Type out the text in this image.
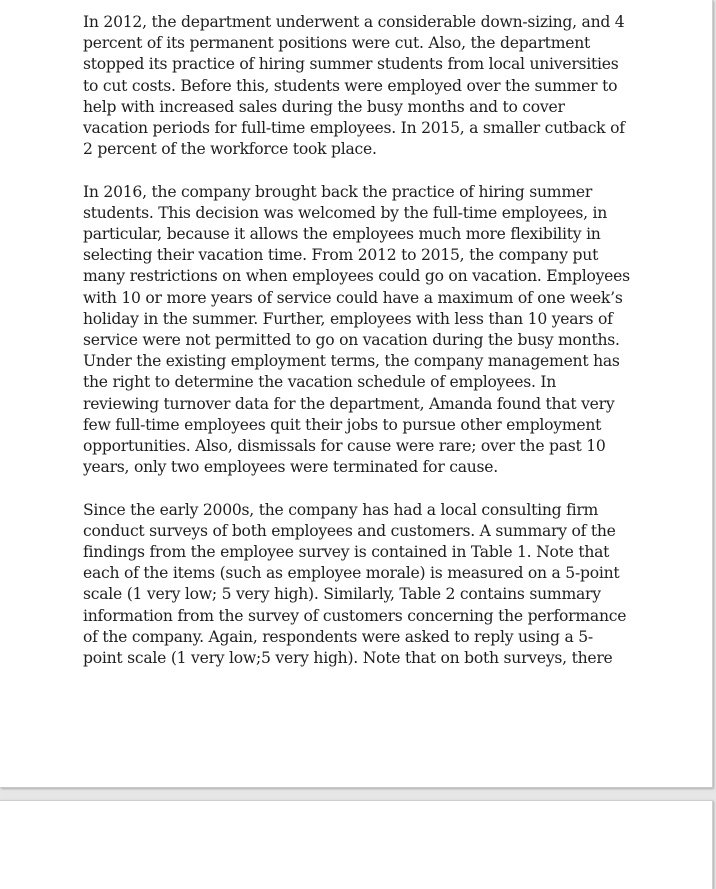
In 2012, the department underwent a considerable down-sizing, and 4
percent of its permanent positions were cut. Also, the department
stopped its practice of hiring summer students from local universities
to cut costs. Before this, students were employed over the summer to
help with increased sales during the busy months and to cover
vacation periods for full-time employees. In 2015, a smaller cutback of
2 percent of the workforce took place.

In 2016, the company brought back the practice of hiring summer
students. This decision was welcomed by the full-time employees, in
particular, because it allows the employees much more flexibility in
selecting their vacation time. From 2012 to 2015, the company put
many restrictions on when employees could go on vacation. Employees
with 10 or more years of service could have a maximum of one week’s
holiday in the summer. Further, employees with less than 10 years of
service were not permitted to go on vacation during the busy months.
Under the existing employment terms, the company management has
the right to determine the vacation schedule of employees. In
reviewing turnover data for the department, Amanda found that very
few full-time employees quit their jobs to pursue other employment
opportunities. Also, dismissals for cause were rare; over the past 10
years, only two employees were terminated for cause.

Since the early 2000s, the company has had a local consulting firm
conduct surveys of both employees and customers. A summary of the
findings from the employee survey is contained in Table 1. Note that
each of the items (such as employee morale) is measured on a 5-point
scale (1 very low; 5 very high). Similarly, Table 2 contains summary
information from the survey of customers concerning the performance
of the company. Again, respondents were asked to reply using a 5-
point scale (1 very low;5 very high). Note that on both surveys, there
